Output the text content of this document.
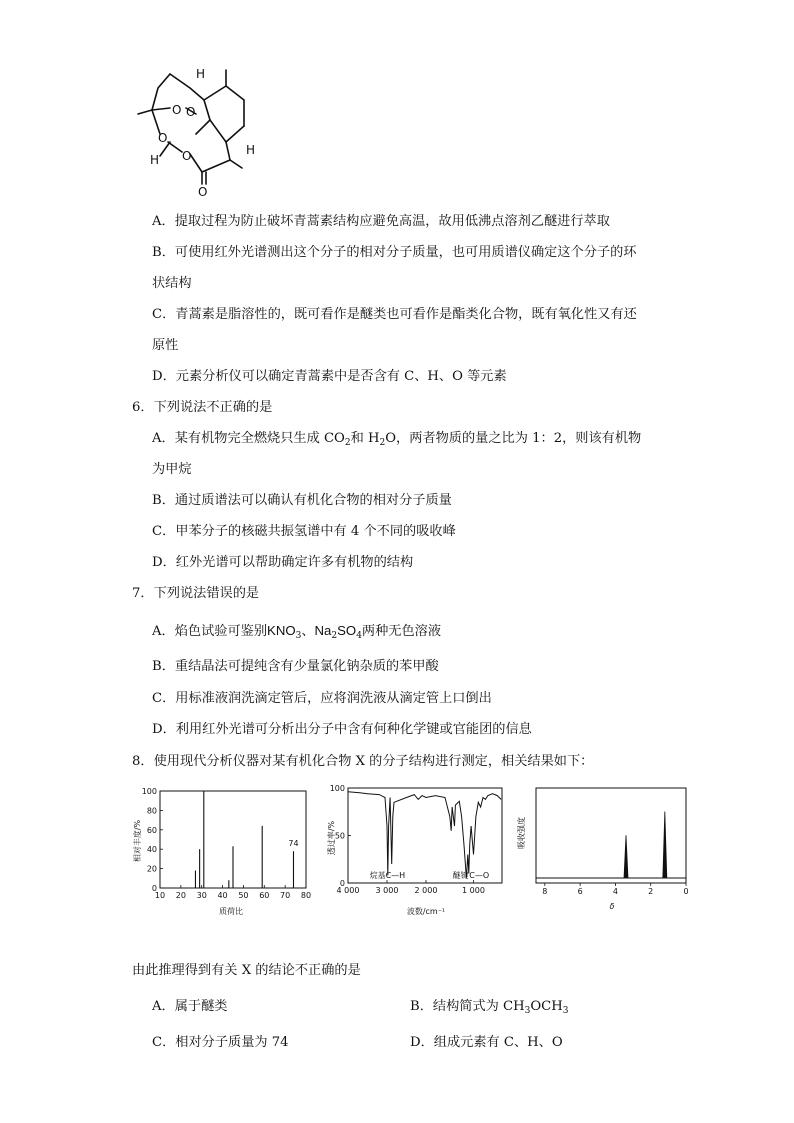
H
O O
O
H
H O
O
A．提取过程为防止破坏青蒿素结构应避免高温，故用低沸点溶剂乙醚进行萃取
B．可使用红外光谱测出这个分子的相对分子质量，也可用质谱仪确定这个分子的环
状结构
C．青蒿素是脂溶性的，既可看作是醚类也可看作是酯类化合物，既有氧化性又有还
原性
D．元素分析仪可以确定青蒿素中是否含有 C、H、O 等元素
6．下列说法不正确的是
A．某有机物完全燃烧只生成 $CO_2$和 $H_2O$，两者物质的量之比为 1：2，则该有机物
为甲烷
B．通过质谱法可以确认有机化合物的相对分子质量
C．甲苯分子的核磁共振氢谱中有 4 个不同的吸收峰
D．红外光谱可以帮助确定许多有机物的结构
7．下列说法错误的是
A．焰色试验可鉴别$KNO_3$、$Na_2SO_4$两种无色溶液
B．重结晶法可提纯含有少量氯化钠杂质的苯甲酸
C．用标准液润洗滴定管后，应将润洗液从滴定管上口倒出
D．利用红外光谱可分析出分子中含有何种化学键或官能团的信息
8．使用现代分析仪器对某有机化合物 X 的分子结构进行测定，相关结果如下：
相对丰度/%
质荷比
10 20 30 40 50 60 70 80
0
20
40
60
80
100
74	透过率/%
波数/cm⁻¹
4 000 3 000 2 000	1 000
0
50
100
烷基C—H	醚键 C—O
吸收强度
δ
8	6	4	2	0
由此推理得到有关 X 的结论不正确的是
A．属于醚类	B．结构简式为 $CH_3OCH_3$
C．相对分子质量为 74	D．组成元素有 C、H、O
